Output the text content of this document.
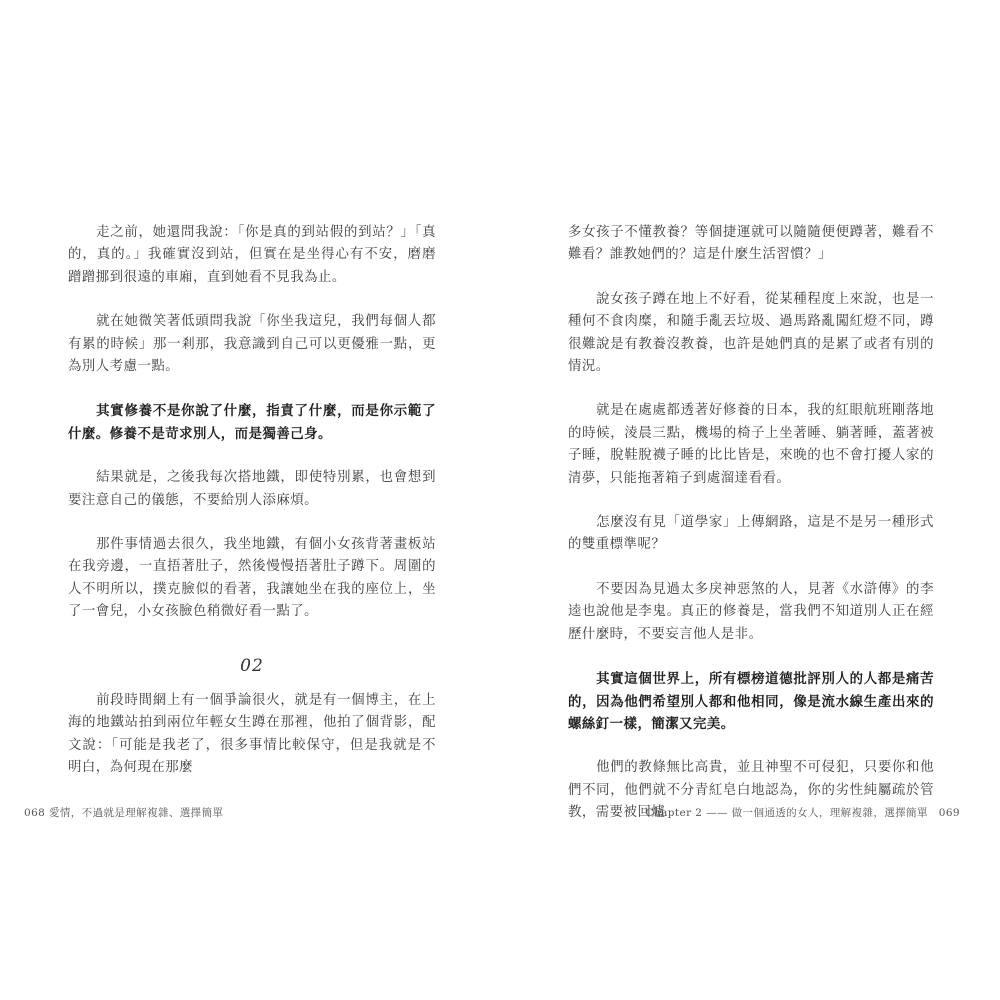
走之前，她還問我說：「你是真的到站假的到站？」「真的，真的。」我確實沒到站，但實在是坐得心有不安，磨磨蹭蹭挪到很遠的車廂，直到她看不見我為止。

就在她微笑著低頭問我說「你坐我這兒，我們每個人都有累的時候」那一剎那，我意識到自己可以更優雅一點，更為別人考慮一點。

其實修養不是你說了什麼，指責了什麼，而是你示範了什麼。修養不是苛求別人，而是獨善己身。

結果就是，之後我每次搭地鐵，即使特別累，也會想到要注意自己的儀態，不要給別人添麻煩。

那件事情過去很久，我坐地鐵，有個小女孩背著畫板站在我旁邊，一直捂著肚子，然後慢慢捂著肚子蹲下。周圍的人不明所以，撲克臉似的看著，我讓她坐在我的座位上，坐了一會兒，小女孩臉色稍微好看一點了。

02

前段時間網上有一個爭論很火，就是有一個博主，在上海的地鐵站拍到兩位年輕女生蹲在那裡，他拍了個背影，配文說：「可能是我老了，很多事情比較保守，但是我就是不明白，為何現在那麼

多女孩子不懂教養？等個捷運就可以隨隨便便蹲著，難看不難看？誰教她們的？這是什麼生活習慣？」

說女孩子蹲在地上不好看，從某種程度上來說，也是一種何不食肉糜，和隨手亂丟垃圾、過馬路亂闖紅燈不同，蹲很難說是有教養沒教養，也許是她們真的是累了或者有別的情況。

就是在處處都透著好修養的日本，我的紅眼航班剛落地的時候，淩晨三點，機場的椅子上坐著睡、躺著睡，蓋著被子睡，脫鞋脫襪子睡的比比皆是，來晚的也不會打擾人家的清夢，只能拖著箱子到處溜達看看。

怎麼沒有見「道學家」上傳網路，這是不是另一種形式的雙重標準呢？

不要因為見過太多戾神惡煞的人，見著《水滸傳》的李逵也說他是李鬼。真正的修養是，當我們不知道別人正在經歷什麼時，不要妄言他人是非。

其實這個世界上，所有標榜道德批評別人的人都是痛苦的，因為他們希望別人都和他相同，像是流水線生產出來的螺絲釘一樣，簡潔又完美。

他們的教條無比高貴，並且神聖不可侵犯，只要你和他們不同，他們就不分青紅皂白地認為，你的劣性純屬疏於管教，需要被回爐

068 愛情，不過就是理解複雜、選擇簡單	Chapter 2 —— 做一個通透的女人，理解複雜，選擇簡單　069
